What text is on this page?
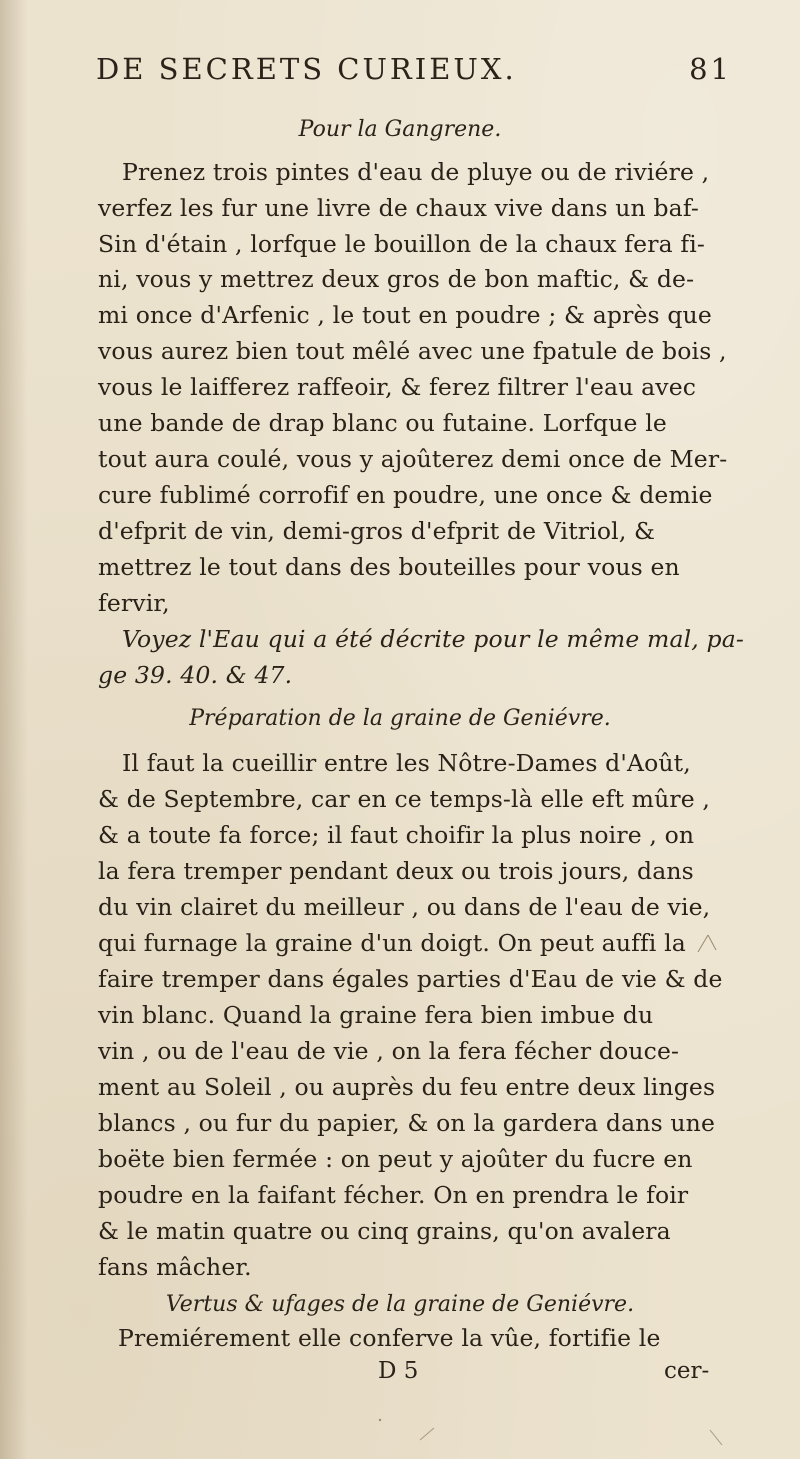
DE SECRETS CURIEUX.	81
Pour la Gangrene.
Prenez trois pintes d'eau de pluye ou de riviére ,
verfez les fur une livre de chaux vive dans un baf-
Sin d'étain , lorfque le bouillon de la chaux fera fi-
ni, vous y mettrez deux gros de bon maftic, & de-
mi once d'Arfenic , le tout en poudre ; & après que
vous aurez bien tout mêlé avec une fpatule de bois ,
vous le laifferez raffeoir, & ferez filtrer l'eau avec
une bande de drap blanc ou futaine. Lorfque le
tout aura coulé, vous y ajoûterez demi once de Mer-
cure fublimé corrofif en poudre, une once & demie
d'efprit de vin, demi-gros d'efprit de Vitriol, &
mettrez le tout dans des bouteilles pour vous en
fervir,
Voyez l'Eau qui a été décrite pour le même mal, pa-
ge 39. 40. & 47.
Préparation de la graine de Geniévre.
Il faut la cueillir entre les Nôtre-Dames d'Août,
& de Septembre, car en ce temps-là elle eft mûre ,
& a toute fa force; il faut choifir la plus noire , on
la fera tremper pendant deux ou trois jours, dans
du vin clairet du meilleur , ou dans de l'eau de vie,
qui furnage la graine d'un doigt. On peut auffi la
faire tremper dans égales parties d'Eau de vie & de
vin blanc. Quand la graine fera bien imbue du
vin , ou de l'eau de vie , on la fera fécher douce-
ment au Soleil , ou auprès du feu entre deux linges
blancs , ou fur du papier, & on la gardera dans une
boëte bien fermée : on peut y ajoûter du fucre en
poudre en la faifant fécher. On en prendra le foir
& le matin quatre ou cinq grains, qu'on avalera
fans mâcher.
Vertus & ufages de la graine de Geniévre.
Premiérement elle conferve la vûe, fortifie le
D 5	cer-
